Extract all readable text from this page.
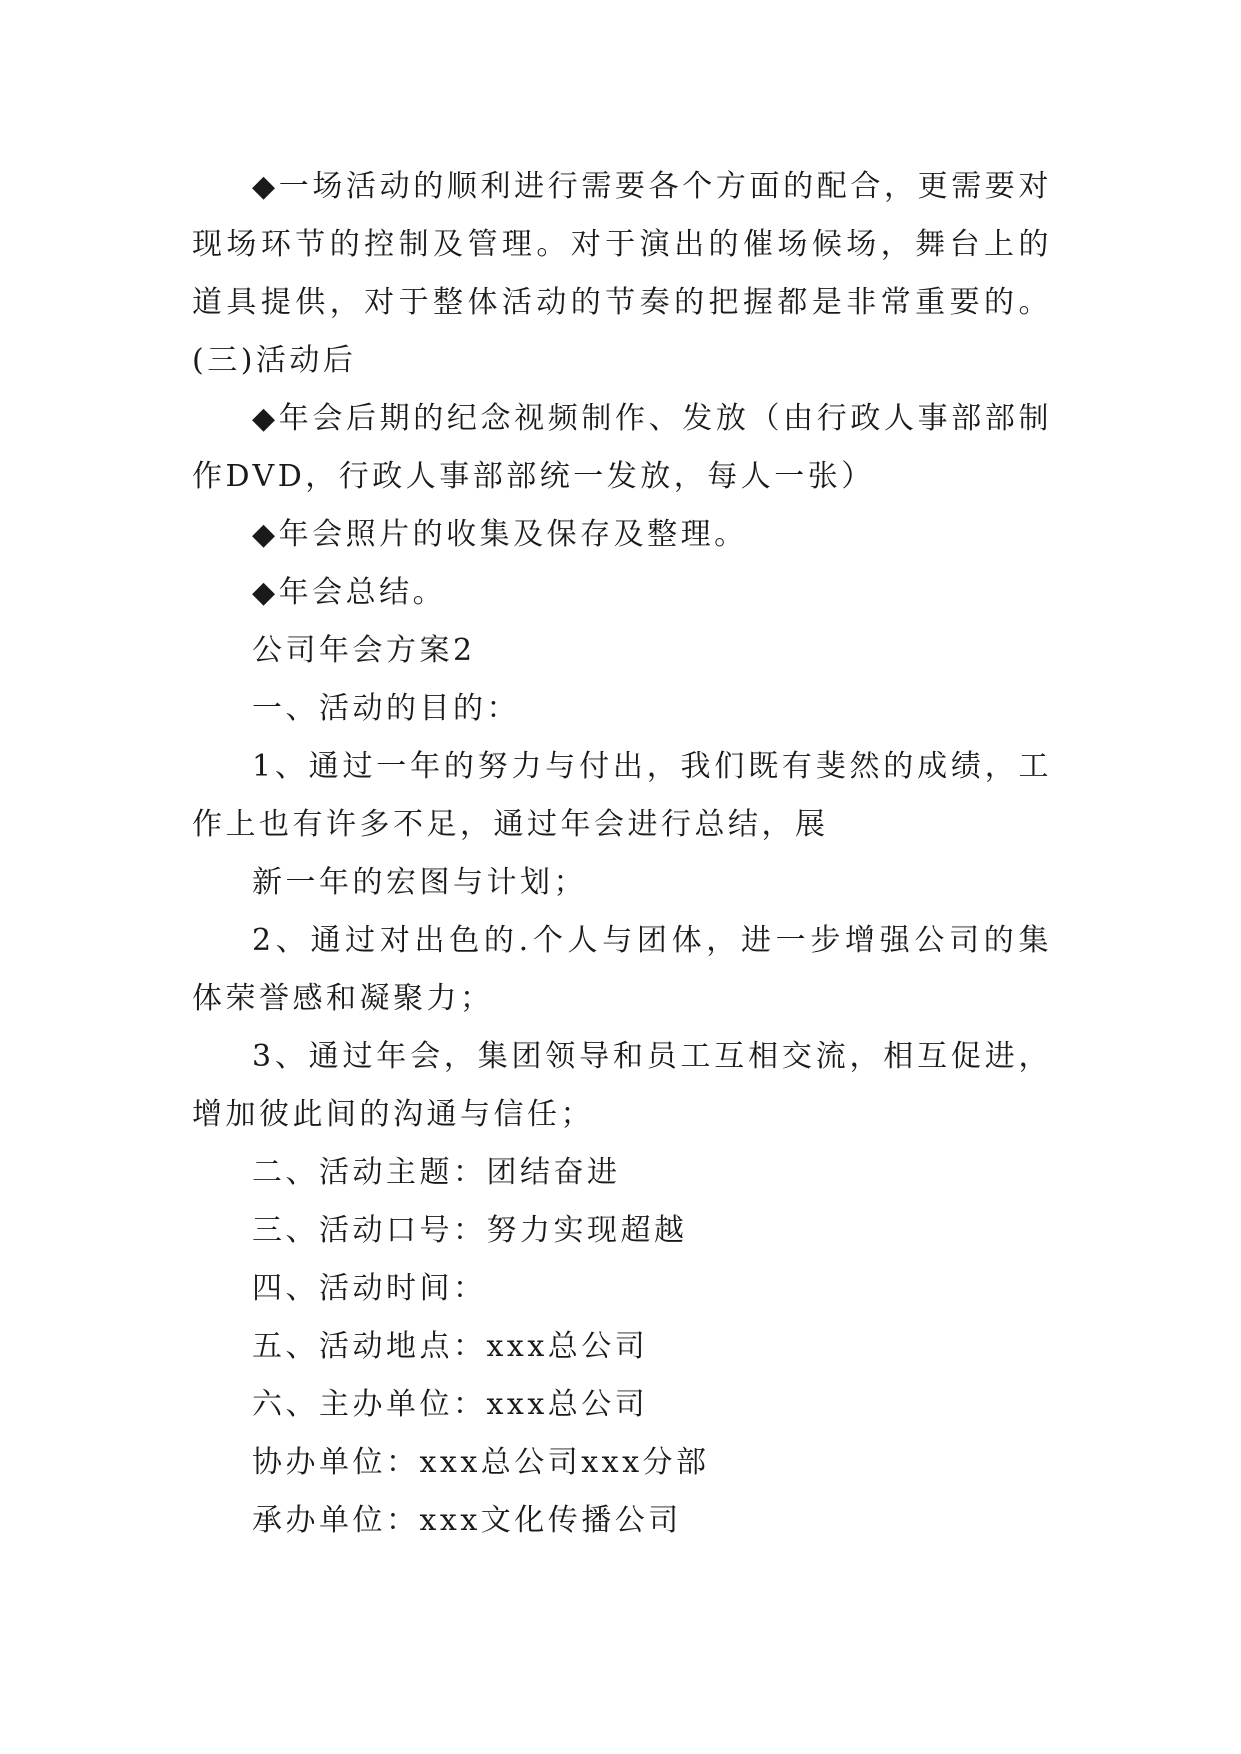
◆一场活动的顺利进行需要各个方面的配合，更需要对现场环节的控制及管理。对于演出的催场候场，舞台上的道具提供，对于整体活动的节奏的把握都是非常重要的。(三)活动后

◆年会后期的纪念视频制作、发放（由行政人事部部制作DVD，行政人事部部统一发放，每人一张）

◆年会照片的收集及保存及整理。

◆年会总结。

公司年会方案2

一、活动的目的：

1、通过一年的努力与付出，我们既有斐然的成绩，工作上也有许多不足，通过年会进行总结，展

新一年的宏图与计划；

2、通过对出色的.个人与团体，进一步增强公司的集体荣誉感和凝聚力；

3、通过年会，集团领导和员工互相交流，相互促进，增加彼此间的沟通与信任；

二、活动主题：团结奋进

三、活动口号：努力实现超越

四、活动时间：

五、活动地点：xxx总公司

六、主办单位：xxx总公司

协办单位：xxx总公司xxx分部

承办单位：xxx文化传播公司
